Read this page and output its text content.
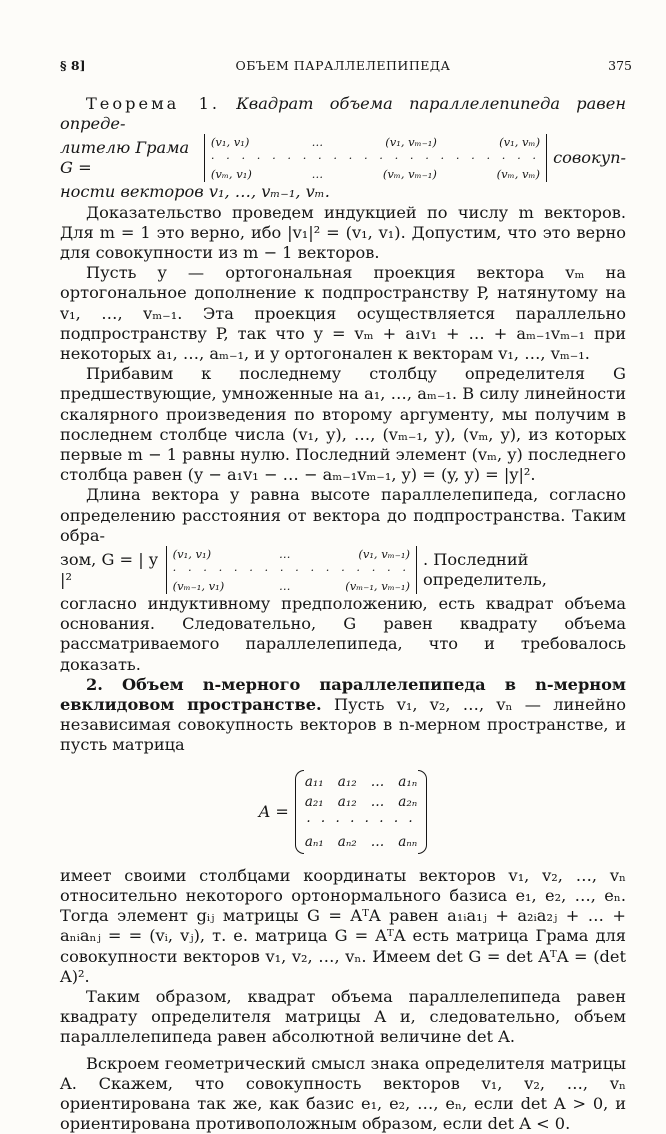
§ 8]	ОБЪЕМ ПАРАЛЛЕЛЕПИПЕДА	375

Теорема 1. Квадрат объема параллелепипеда равен опреде-

лителю Грама G =
(v₁, v₁)	…	(v₁, vₘ₋₁)	(v₁, vₘ)
· · · · · · · · · · · · · · · · · · · · · ·
(vₘ, v₁)	…	(vₘ, vₘ₋₁)	(vₘ, vₘ)
совокуп-

ности векторов v₁, …, vₘ₋₁, vₘ.

Доказательство проведем индукцией по числу m векторов. Для m = 1 это верно, ибо |v₁|² = (v₁, v₁). Допустим, что это верно для совокупности из m − 1 векторов.

Пусть y — ортогональная проекция вектора vₘ на ортогональное дополнение к подпространству P, натянутому на v₁, …, vₘ₋₁. Эта проекция осуществляется параллельно подпространству P, так что y = vₘ + a₁v₁ + … + aₘ₋₁vₘ₋₁ при некоторых a₁, …, aₘ₋₁, и y ортогонален к векторам v₁, …, vₘ₋₁.

Прибавим к последнему столбцу определителя G предшествующие, умноженные на a₁, …, aₘ₋₁. В силу линейности скалярного произведения по второму аргументу, мы получим в последнем столбце числа (v₁, y), …, (vₘ₋₁, y), (vₘ, y), из которых первые m − 1 равны нулю. Последний элемент (vₘ, y) последнего столбца равен (y − a₁v₁ − … − aₘ₋₁vₘ₋₁, y) = (y, y) = |y|².

Длина вектора y равна высоте параллелепипеда, согласно определению расстояния от вектора до подпространства. Таким обра-

зом, G = | y |²
(v₁, v₁)	…	(v₁, vₘ₋₁)
· · · · · · · · · · · · · · · ·
(vₘ₋₁, v₁)	…	(vₘ₋₁, vₘ₋₁)
. Последний определитель,

согласно индуктивному предположению, есть квадрат объема основания. Следовательно, G равен квадрату объема рассматриваемого параллелепипеда, что и требовалось доказать.

2. Объем n-мерного параллелепипеда в n-мерном евклидовом пространстве. Пусть v₁, v₂, …, vₙ — линейно независимая совокупность векторов в n-мерном пространстве, и пусть матрица

A =
a₁₁ a₁₂ … a₁ₙ
a₂₁ a₁₂ … a₂ₙ
· · · · · · · ·
aₙ₁ aₙ₂ … aₙₙ

имеет своими столбцами координаты векторов v₁, v₂, …, vₙ относительно некоторого ортонормального базиса e₁, e₂, …, eₙ. Тогда элемент gᵢⱼ матрицы G = AᵀA равен a₁ᵢa₁ⱼ + a₂ᵢa₂ⱼ + … + aₙᵢaₙⱼ = = (vᵢ, vⱼ), т. е. матрица G = AᵀA есть матрица Грама для совокупности векторов v₁, v₂, …, vₙ. Имеем det G = det AᵀA = (det A)².

Таким образом, квадрат объема параллелепипеда равен квадрату определителя матрицы A и, следовательно, объем параллелепипеда равен абсолютной величине det A.

Вскроем геометрический смысл знака определителя матрицы A. Скажем, что совокупность векторов v₁, v₂, …, vₙ ориентирована так же, как базис e₁, e₂, …, eₙ, если det A > 0, и ориентирована противоположным образом, если det A < 0.
